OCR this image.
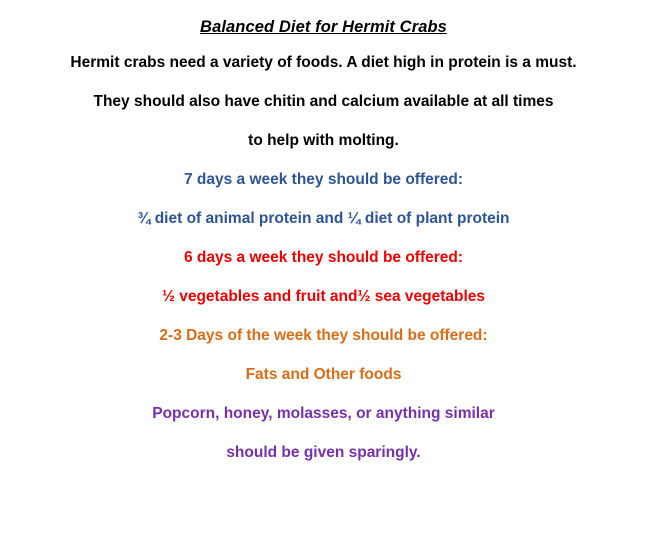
Balanced Diet for Hermit Crabs

Hermit crabs need a variety of foods. A diet high in protein is a must.

They should also have chitin and calcium available at all times

to help with molting.

7 days a week they should be offered:

¾ diet of animal protein and ¼ diet of plant protein

6 days a week they should be offered:

½ vegetables and fruit and½ sea vegetables

2-3 Days of the week they should be offered:

Fats and Other foods

Popcorn, honey, molasses, or anything similar

should be given sparingly.
